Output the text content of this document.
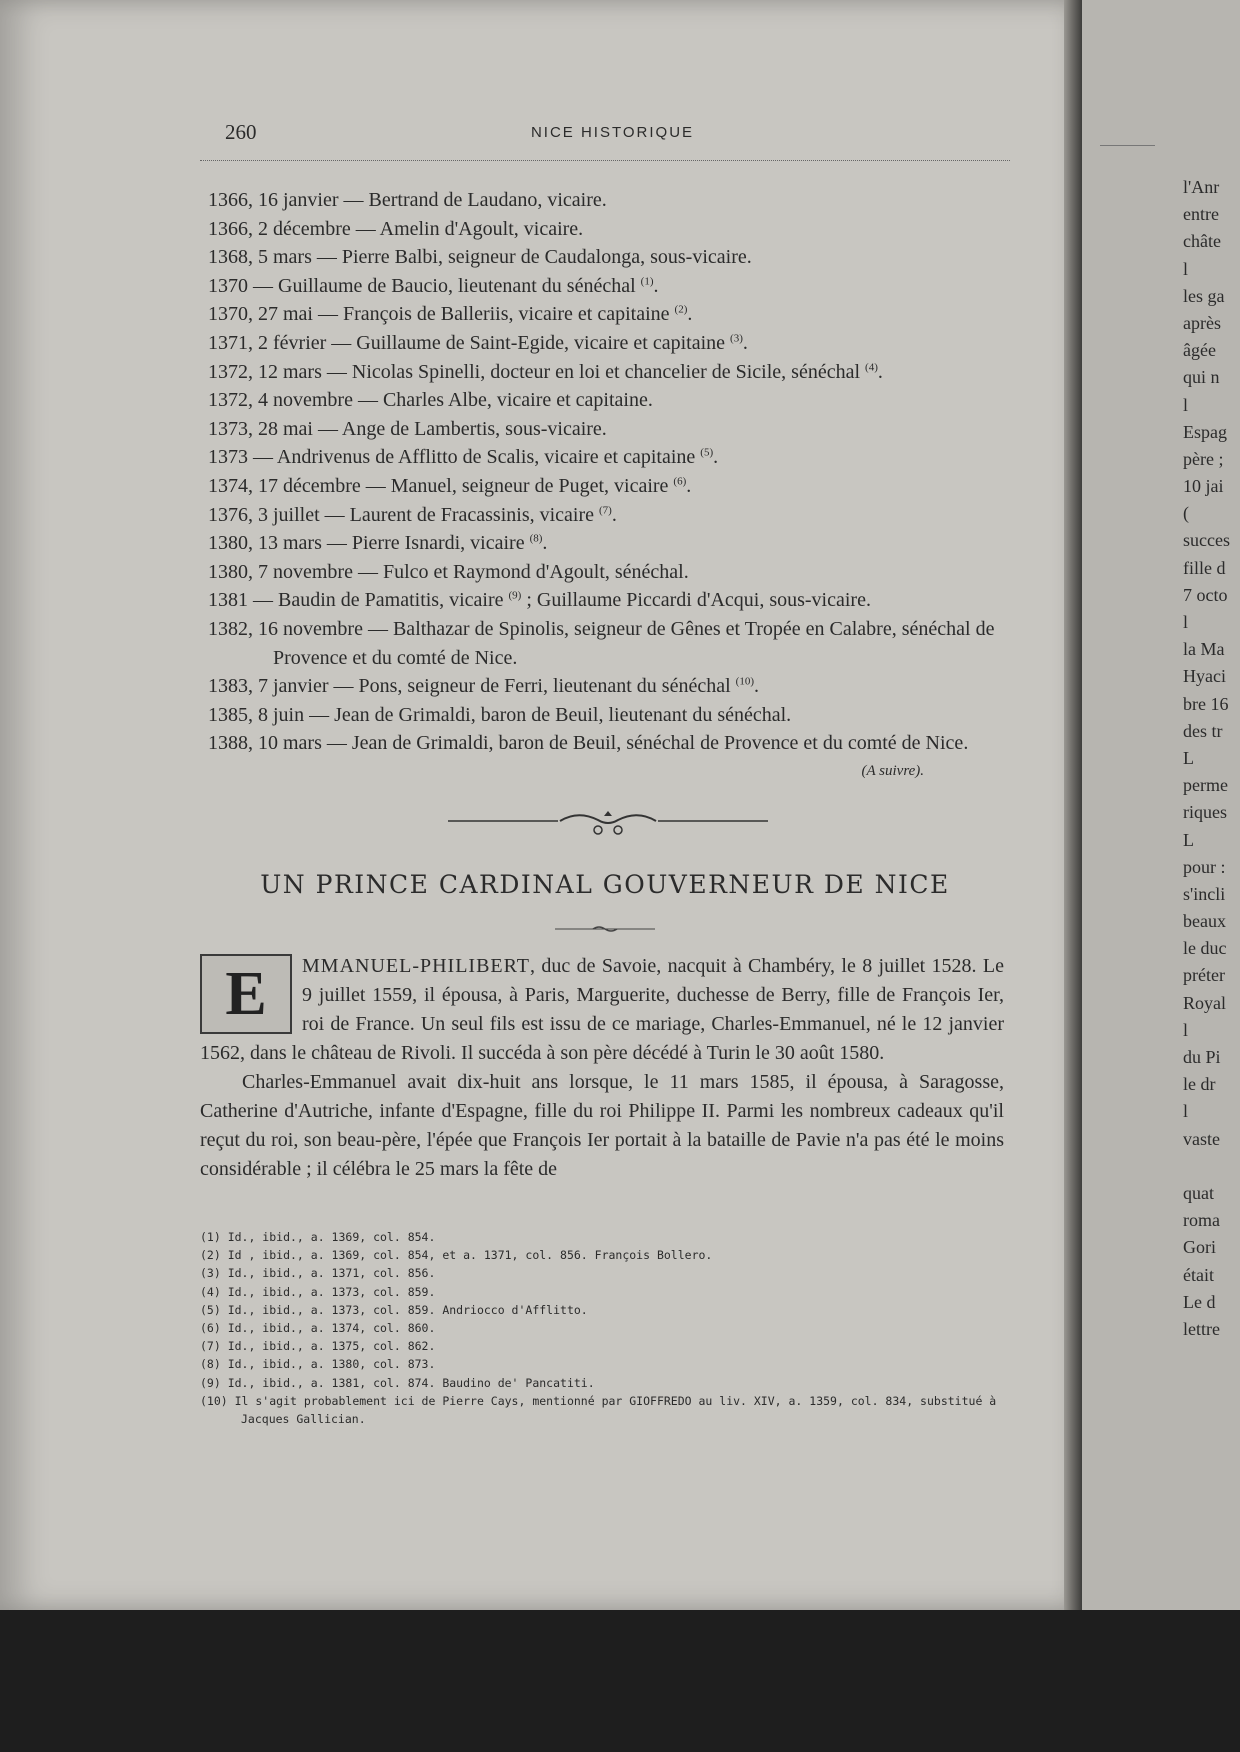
260	NICE HISTORIQUE
1366, 16 janvier — Bertrand de Laudano, vicaire.
1366, 2 décembre — Amelin d'Agoult, vicaire.
1368, 5 mars — Pierre Balbi, seigneur de Caudalonga, sous-vicaire.
1370 — Guillaume de Baucio, lieutenant du sénéchal $^{(1)}$.
1370, 27 mai — François de Balleriis, vicaire et capitaine $^{(2)}$.
1371, 2 février — Guillaume de Saint-Egide, vicaire et capitaine $^{(3)}$.
1372, 12 mars — Nicolas Spinelli, docteur en loi et chancelier de Sicile, sénéchal $^{(4)}$.
1372, 4 novembre — Charles Albe, vicaire et capitaine.
1373, 28 mai — Ange de Lambertis, sous-vicaire.
1373 — Andrivenus de Afflitto de Scalis, vicaire et capitaine $^{(5)}$.
1374, 17 décembre — Manuel, seigneur de Puget, vicaire $^{(6)}$.
1376, 3 juillet — Laurent de Fracassinis, vicaire $^{(7)}$.
1380, 13 mars — Pierre Isnardi, vicaire $^{(8)}$.
1380, 7 novembre — Fulco et Raymond d'Agoult, sénéchal.
1381 — Baudin de Pamatitis, vicaire $^{(9)}$ ; Guillaume Piccardi d'Acqui, sous-vicaire.
1382, 16 novembre — Balthazar de Spinolis, seigneur de Gênes et Tropée en Calabre, sénéchal de Provence et du comté de Nice.
1383, 7 janvier — Pons, seigneur de Ferri, lieutenant du sénéchal $^{(10)}$.
1385, 8 juin — Jean de Grimaldi, baron de Beuil, lieutenant du sénéchal.
1388, 10 mars — Jean de Grimaldi, baron de Beuil, sénéchal de Provence et du comté de Nice.
(A suivre).
UN PRINCE CARDINAL GOUVERNEUR DE NICE

E	MMANUEL-PHILIBERT, duc de Savoie, nacquit à Chambéry, le 8 juillet 1528. Le 9 juillet 1559, il épousa, à Paris, Marguerite, duchesse de Berry, fille de François Ier, roi de France. Un seul fils est issu de ce mariage, Charles-Emmanuel, né le 12 janvier 1562, dans le château de Rivoli. Il succéda à son père décédé à Turin le 30 août 1580.

Charles-Emmanuel avait dix-huit ans lorsque, le 11 mars 1585, il épousa, à Saragosse, Catherine d'Autriche, infante d'Espagne, fille du roi Philippe II. Parmi les nombreux cadeaux qu'il reçut du roi, son beau-père, l'épée que François Ier portait à la bataille de Pavie n'a pas été le moins considérable ; il célébra le 25 mars la fête de

(1) Id., ibid., a. 1369, col. 854.
(2) Id , ibid., a. 1369, col. 854, et a. 1371, col. 856. François Bollero.
(3) Id., ibid., a. 1371, col. 856.
(4) Id., ibid., a. 1373, col. 859.
(5) Id., ibid., a. 1373, col. 859. Andriocco d'Afflitto.
(6) Id., ibid., a. 1374, col. 860.
(7) Id., ibid., a. 1375, col. 862.
(8) Id., ibid., a. 1380, col. 873.
(9) Id., ibid., a. 1381, col. 874. Baudino de' Pancatiti.
(10) Il s'agit probablement ici de Pierre Cays, mentionné par GIOFFREDO au liv. XIV, a. 1359, col. 834, substitué à Jacques Gallician.
l'Anr
entre
châte
l
les ga
après
âgée
qui n
l
Espag
père ;
10 jai
(
succes
fille d
7 octo
l
la Ma
Hyaci
bre 16
des tr
L
perme
riques
L
pour :
s'incli
beaux
le duc
préter
Royal
l
du Pi
le dr
l
vaste
quat
roma
Gori
était
Le d
lettre
